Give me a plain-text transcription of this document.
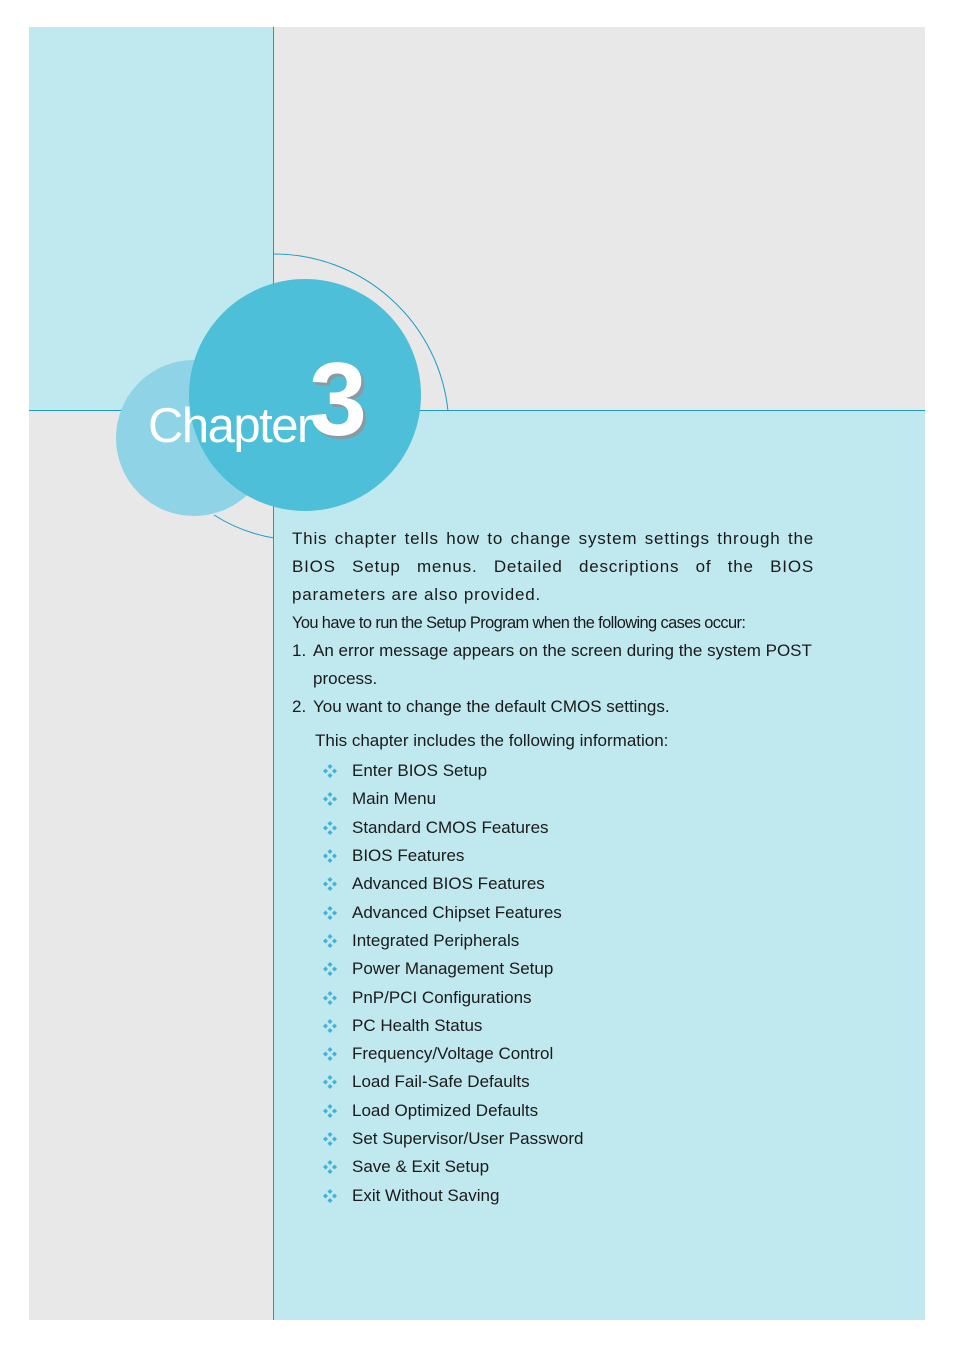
Chapter
3

This chapter tells how to change system settings through the BIOS Setup menus. Detailed descriptions of the BIOS parameters are also provided.

You have to run the Setup Program when the following cases occur:

1. An error message appears on the screen during the system POST process.
2. You want to change the default CMOS settings.

This chapter includes the following information:

Enter BIOS Setup
Main Menu
Standard CMOS Features
BIOS Features
Advanced BIOS Features
Advanced Chipset Features
Integrated Peripherals
Power Management Setup
PnP/PCI Configurations
PC Health Status
Frequency/Voltage Control
Load Fail-Safe Defaults
Load Optimized Defaults
Set Supervisor/User Password
Save & Exit Setup
Exit Without Saving
